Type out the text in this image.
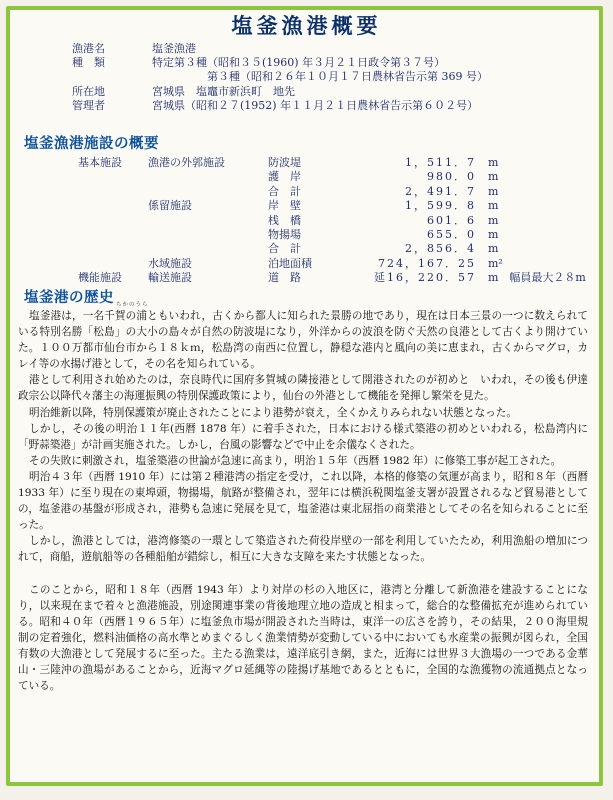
塩釜漁港概要
漁港名	塩釜漁港
種　類	特定第３種（昭和３５(1960) 年３月２１日政令第３７号）
　　　　　第３種（昭和２６年１０月１７日農林省告示第 369 号）
所在地	宮城県　塩竈市新浜町　地先
管理者	宮城県（昭和２７(1952) 年１１月２１日農林省告示第６０２号）
塩釜漁港施設の概要
基本施設 漁港の外郭施設	防波堤	1，511．7 m
護　岸	980．0 m
合　計	2，491．7 m
係留施設	岸　壁	1，599．8 m
桟　橋	601．6 m
物揚場	655．0 m
合　計	2，856．4 m
水域施設	泊地面積	724，167．25 m²
機能施設 輸送施設	道　路	延16，220．57 m　幅員最大２８m
塩釜港の歴史 ちかのうら

塩釜港は，一名千賀の浦ともいわれ，古くから都人に知られた景勝の地であり，現在は日本三景の一つに数えられている特別名勝「松島」の大小の島々が自然の防波堤になり，外洋からの波浪を防ぐ天然の良港として古くより開けていた。１００万都市仙台市から１８ｋｍ，松島湾の南西に位置し，静穏な港内と風向の美に恵まれ，古くからマグロ，カレイ等の水揚げ港として，その名を知られている。

港として利用され始めたのは，奈良時代に国府多賀城の隣接港として開港されたのが初めと　いわれ，その後も伊達政宗公以降代々藩主の海運振興の特別保護政策により，仙台の外港として機能を発揮し繁栄を見た。

明治維新以降，特別保護策が廃止されたことにより港勢が衰え，全くかえりみられない状態となった。

しかし，その後の明治１１年(西暦 1878 年）に着手された，日本における様式築港の初めといわれる，松島湾内に「野蒜築港」が計画実施された。しかし，台風の影響などで中止を余儀なくされた。

その失敗に刺激され，塩釜築港の世論が急速に高まり，明治１５年（西暦 1982 年）に修築工事が起工された。

明治４３年（西暦 1910 年）には第２種港湾の指定を受け，これ以降，本格的修築の気運が高まり，昭和８年（西暦 1933 年）に至り現在の東埠頭，物揚場，航路が整備され，翌年には横浜税関塩釜支署が設置されるなど貿易港としての，塩釜港の基盤が形成され，港勢も急速に発展を見て，塩釜港は東北屈指の商業港としてその名を知られることに至った。

しかし，漁港としては，港湾修築の一環として築造された荷役岸壁の一部を利用していたため，利用漁船の増加につれて，商船，遊航船等の各種船舶が錯綜し，相互に大きな支障を来たす状態となった。

このことから，昭和１８年（西暦 1943 年）より対岸の杉の入地区に，港湾と分離して新漁港を建設することになり，以来現在まで着々と漁港施設，別途関連事業の背後地理立地の造成と相まって，総合的な整備拡充が進められている。昭和４０年（西暦１９６５年）に塩釜魚市場が開設された当時は，東洋一の広さを誇り，その結果，２００海里規制の定着強化，燃料油価格の高水準とめまぐるしく漁業情勢が変動している中においても水産業の振興が図られ，全国有数の大漁港として発展するに至った。主たる漁業は，遠洋底引き網，また，近海には世界３大漁場の一つである金華山・三陸沖の漁場があることから，近海マグロ延縄等の陸揚げ基地であるとともに，全国的な漁獲物の流通拠点となっている。
